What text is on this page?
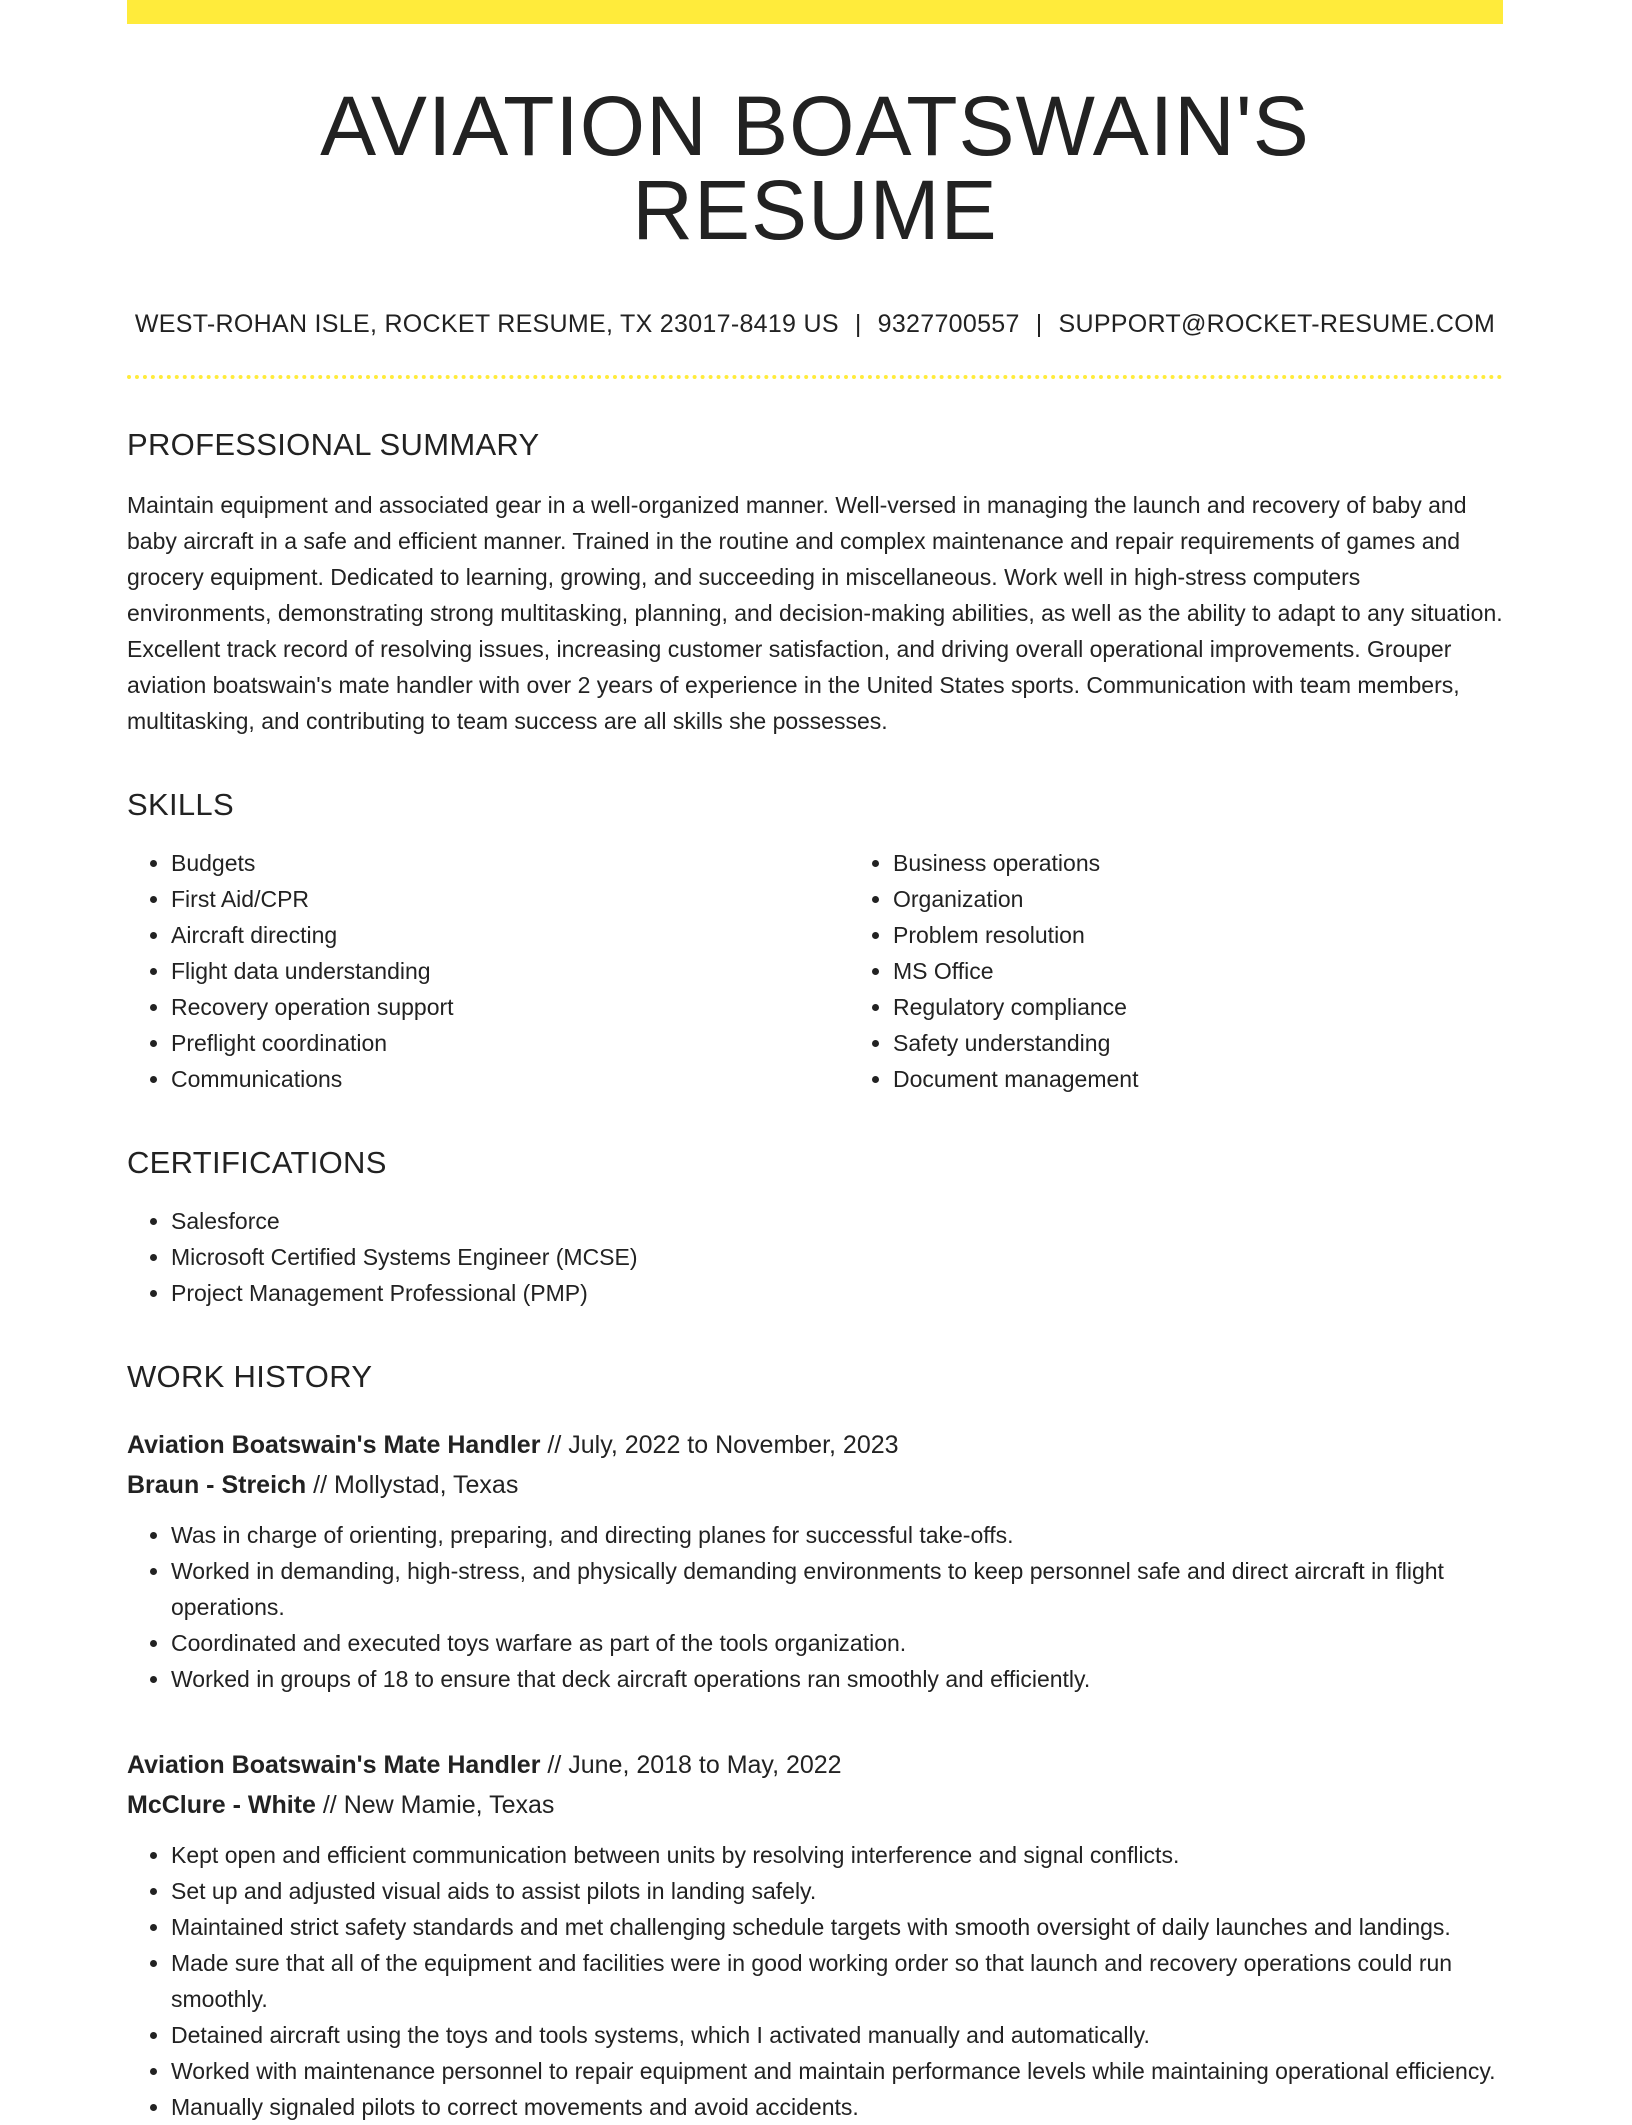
AVIATION BOATSWAIN'S RESUME
WEST-ROHAN ISLE, ROCKET RESUME, TX 23017-8419 US | 9327700557 | SUPPORT@ROCKET-RESUME.COM
PROFESSIONAL SUMMARY

Maintain equipment and associated gear in a well-organized manner. Well-versed in managing the launch and recovery of baby and baby aircraft in a safe and efficient manner. Trained in the routine and complex maintenance and repair requirements of games and grocery equipment. Dedicated to learning, growing, and succeeding in miscellaneous. Work well in high-stress computers environments, demonstrating strong multitasking, planning, and decision-making abilities, as well as the ability to adapt to any situation. Excellent track record of resolving issues, increasing customer satisfaction, and driving overall operational improvements. Grouper aviation boatswain's mate handler with over 2 years of experience in the United States sports. Communication with team members, multitasking, and contributing to team success are all skills she possesses.

SKILLS
• Budgets
• First Aid/CPR
• Aircraft directing
• Flight data understanding
• Recovery operation support
• Preflight coordination
• Communications
• Business operations
• Organization
• Problem resolution
• MS Office
• Regulatory compliance
• Safety understanding
• Document management
CERTIFICATIONS
• Salesforce
• Microsoft Certified Systems Engineer (MCSE)
• Project Management Professional (PMP)
WORK HISTORY
Aviation Boatswain's Mate Handler // July, 2022 to November, 2023
Braun - Streich // Mollystad, Texas
• Was in charge of orienting, preparing, and directing planes for successful take-offs.
• Worked in demanding, high-stress, and physically demanding environments to keep personnel safe and direct aircraft in flight operations.
• Coordinated and executed toys warfare as part of the tools organization.
• Worked in groups of 18 to ensure that deck aircraft operations ran smoothly and efficiently.
Aviation Boatswain's Mate Handler // June, 2018 to May, 2022
McClure - White // New Mamie, Texas
• Kept open and efficient communication between units by resolving interference and signal conflicts.
• Set up and adjusted visual aids to assist pilots in landing safely.
• Maintained strict safety standards and met challenging schedule targets with smooth oversight of daily launches and landings.
• Made sure that all of the equipment and facilities were in good working order so that launch and recovery operations could run smoothly.
• Detained aircraft using the toys and tools systems, which I activated manually and automatically.
• Worked with maintenance personnel to repair equipment and maintain performance levels while maintaining operational efficiency.
• Manually signaled pilots to correct movements and avoid accidents.
